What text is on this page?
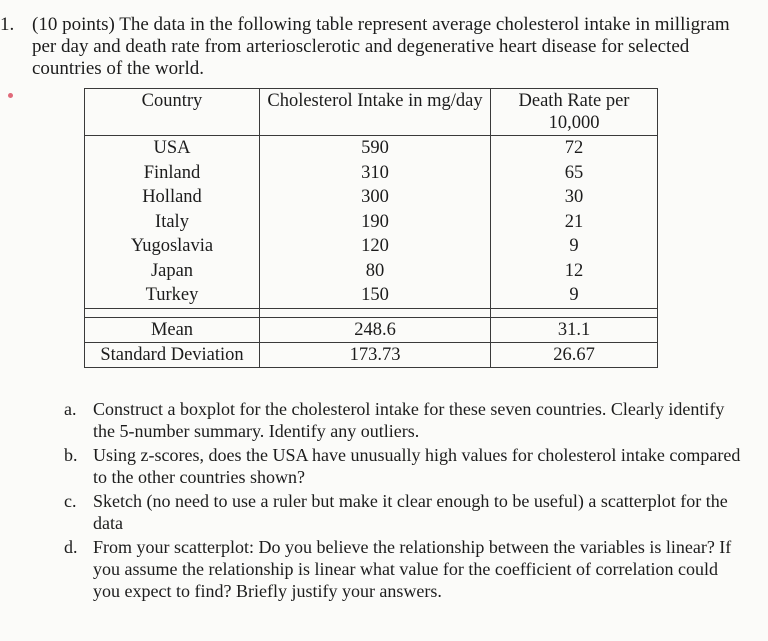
1. (10 points) The data in the following table represent average cholesterol intake in milligram per day and death rate from arteriosclerotic and degenerative heart disease for selected countries of the world.
Country	Cholesterol Intake in mg/day	Death Rate per 10,000
USA	590	72
Finland	310	65
Holland	300	30
Italy	190	21
Yugoslavia	120	9
Japan	80	12
Turkey	150	9

Mean	248.6	31.1
Standard Deviation	173.73	26.67
a. Construct a boxplot for the cholesterol intake for these seven countries. Clearly identify the 5-number summary. Identify any outliers.
b. Using z-scores, does the USA have unusually high values for cholesterol intake compared to the other countries shown?
c. Sketch (no need to use a ruler but make it clear enough to be useful) a scatterplot for the data
d. From your scatterplot: Do you believe the relationship between the variables is linear? If you assume the relationship is linear what value for the coefficient of correlation could you expect to find? Briefly justify your answers.
